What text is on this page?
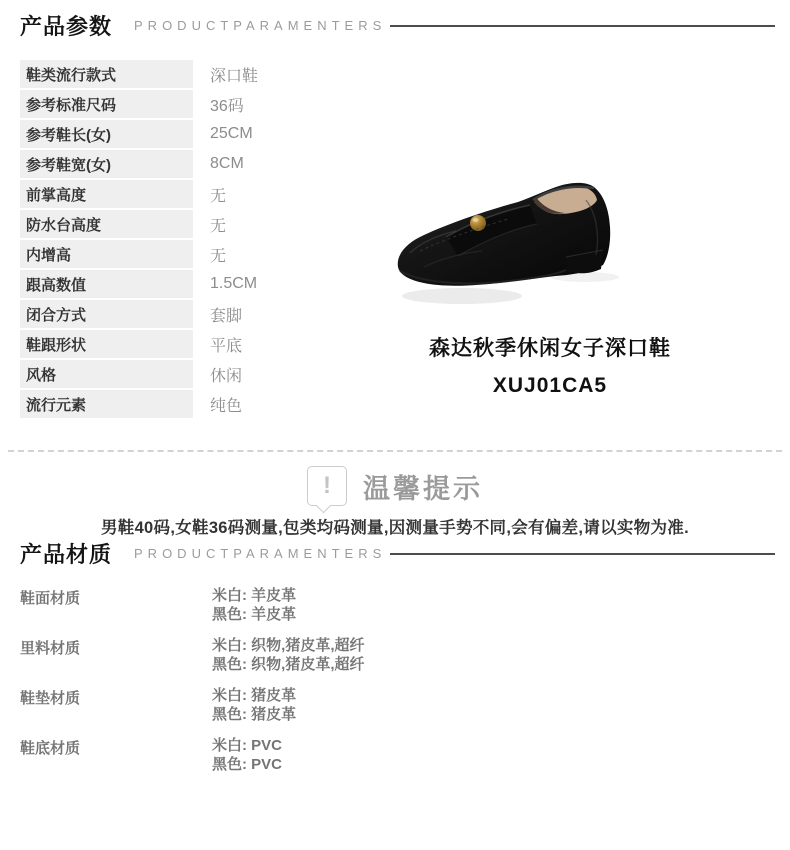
产品参数 PRODUCTPARAMENTERS
鞋类流行款式	深口鞋
参考标准尺码	36码
参考鞋长(女)	25CM
参考鞋宽(女)	8CM
前掌高度	无
防水台高度	无
内增高	无
跟高数值	1.5CM
闭合方式	套脚
鞋跟形状	平底
风格	休闲
流行元素	纯色
森达秋季休闲女子深口鞋
XUJ01CA5
!	温馨提示
男鞋40码,女鞋36码测量,包类均码测量,因测量手势不同,会有偏差,请以实物为准.
产品材质 PRODUCTPARAMENTERS
鞋面材质	米白: 羊皮革
黑色: 羊皮革
里料材质	米白: 织物,猪皮革,超纤
黑色: 织物,猪皮革,超纤
鞋垫材质	米白: 猪皮革
黑色: 猪皮革
鞋底材质	米白: PVC
黑色: PVC
